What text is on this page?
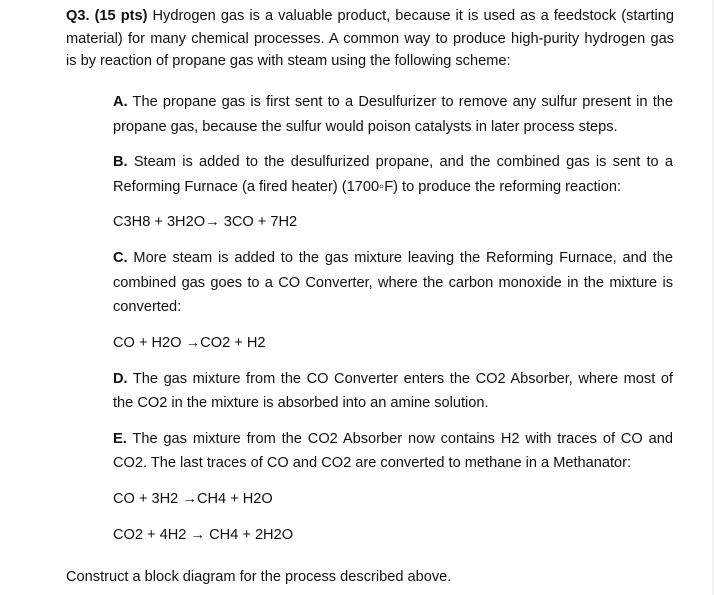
Q3. (15 pts) Hydrogen gas is a valuable product, because it is used as a feedstock (starting material) for many chemical processes. A common way to produce high-purity hydrogen gas is by reaction of propane gas with steam using the following scheme:

A. The propane gas is first sent to a Desulfurizer to remove any sulfur present in the propane gas, because the sulfur would poison catalysts in later process steps.

B. Steam is added to the desulfurized propane, and the combined gas is sent to a Reforming Furnace (a fired heater) (1700◦F) to produce the reforming reaction:

C3H8 + 3H2O→ 3CO + 7H2

C. More steam is added to the gas mixture leaving the Reforming Furnace, and the combined gas goes to a CO Converter, where the carbon monoxide in the mixture is converted:

CO + H2O →CO2 + H2

D. The gas mixture from the CO Converter enters the CO2 Absorber, where most of the CO2 in the mixture is absorbed into an amine solution.

E. The gas mixture from the CO2 Absorber now contains H2 with traces of CO and CO2. The last traces of CO and CO2 are converted to methane in a Methanator:

CO + 3H2 →CH4 + H2O

CO2 + 4H2 → CH4 + 2H2O

Construct a block diagram for the process described above.
